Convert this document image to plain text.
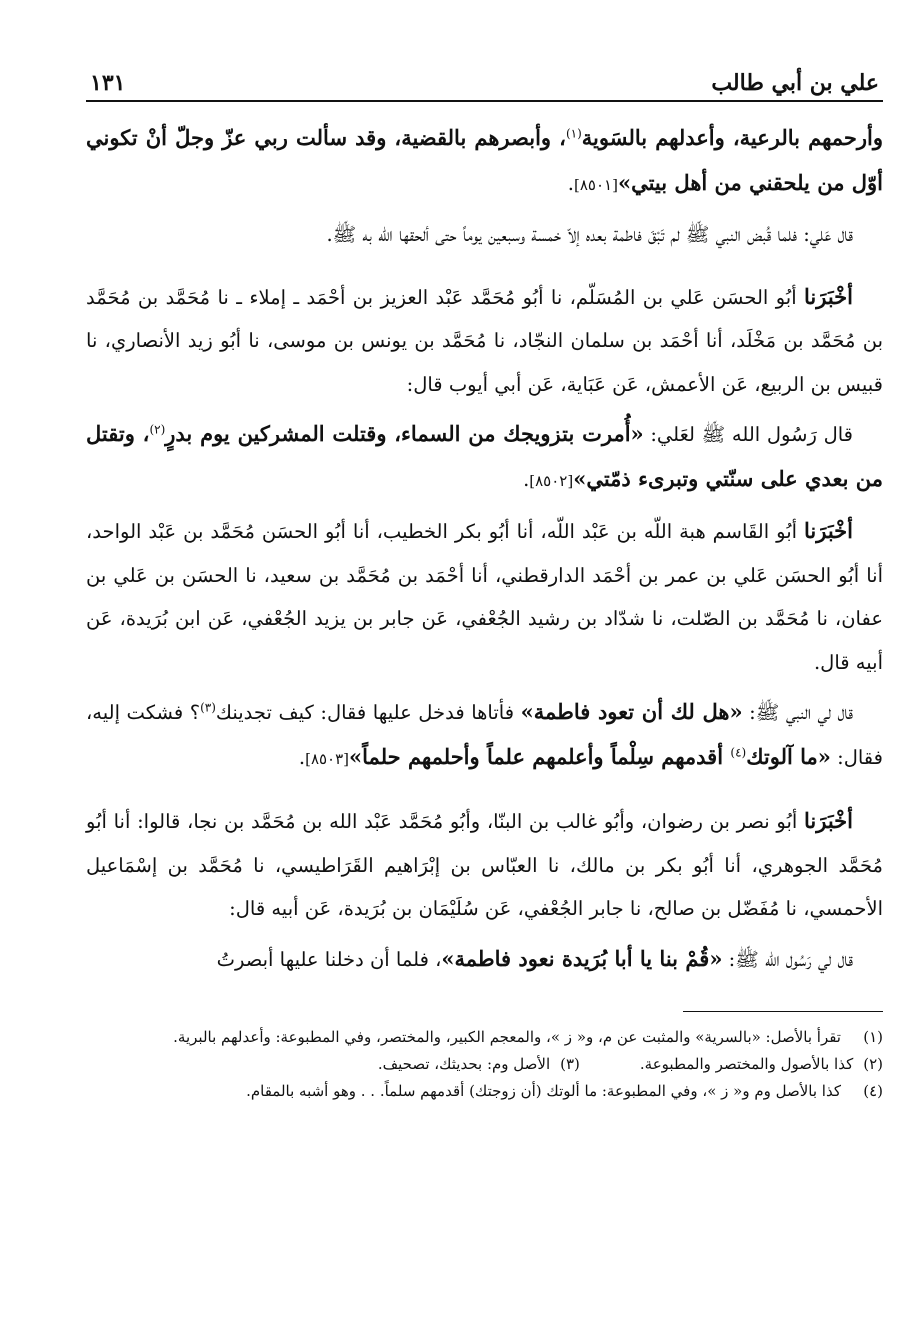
علي بن أبي طالب
١٣١

وأرحمهم بالرعية، وأعدلهم بالسَوية$^{(١)}$، وأبصرهم بالقضية، وقد سألت ربي عزّ وجلّ أنْ تكوني أوّل من يلحقني من أهل بيتي»[٨٥٠١].

قال عَلي: فلما قُبض النبي ﷺ لم تَبْقَ فاطمة بعده إلاّ خمسة وسبعين يوماً حتى ألحقها الله به ﷺ.

أخْبَرَنا أبُو الحسَن عَلي بن المُسَلّم، نا أبُو مُحَمَّد عَبْد العزيز بن أحْمَد ـ إملاء ـ نا مُحَمَّد بن مُحَمَّد بن مُحَمَّد بن مَخْلَد، أنا أحْمَد بن سلمان النجّاد، نا مُحَمَّد بن يونس بن موسى، نا أبُو زيد الأنصاري، نا قبيس بن الربيع، عَن الأعمش، عَن عَبَاية، عَن أبي أيوب قال:

قال رَسُول الله ﷺ لعَلي: «أُمرت بتزويجك من السماء، وقتلت المشركين يوم بدرٍ$^{(٢)}$، وتقتل من بعدي على سنّتي وتبرىء ذمّتي»[٨٥٠٢].

أخْبَرَنا أبُو القَاسم هبة اللّه بن عَبْد اللّه، أنا أبُو بكر الخطيب، أنا أبُو الحسَن مُحَمَّد بن عَبْد الواحد، أنا أبُو الحسَن عَلي بن عمر بن أحْمَد الدارقطني، أنا أحْمَد بن مُحَمَّد بن سعيد، نا الحسَن بن عَلي بن عفان، نا مُحَمَّد بن الصّلت، نا شدّاد بن رشيد الجُعْفي، عَن جابر بن يزيد الجُعْفي، عَن ابن بُرَيدة، عَن أبيه قال.

قال لي النبي ﷺ: «هل لك أن تعود فاطمة» فأتاها فدخل عليها فقال: كيف تجدينك$^{(٣)}$؟ فشكت إليه، فقال: «ما آلوتك$^{(٤)}$ أقدمهم سِلْماً وأعلمهم علماً وأحلمهم حلماً»[٨٥٠٣].

أخْبَرَنا أبُو نصر بن رضوان، وأبُو غالب بن البنّا، وأبُو مُحَمَّد عَبْد الله بن مُحَمَّد بن نجا، قالوا: أنا أبُو مُحَمَّد الجوهري، أنا أبُو بكر بن مالك، نا العبّاس بن إبْرَاهيم القَرَاطيسي، نا مُحَمَّد بن إسْمَاعيل الأحمسي، نا مُفَضّل بن صالح، نا جابر الجُعْفي، عَن سُلَيْمَان بن بُرَيدة، عَن أبيه قال:

قال لي رَسُول الله ﷺ: «قُمْ بنا يا أبا بُرَيدة نعود فاطمة»، فلما أن دخلنا عليها أبصرتُ

(١)
تقرأ بالأصل: «بالسرية» والمثبت عن م، و« ز »، والمعجم الكبير، والمختصر، وفي المطبوعة: وأعدلهم بالبرية.
(٢)
كذا بالأصول والمختصر والمطبوعة.
(٣)
الأصل وم: بحديثك، تصحيف.
(٤)
كذا بالأصل وم و« ز »، وفي المطبوعة: ما ألوتك (أن زوجتك) أقدمهم سلماً. . . وهو أشبه بالمقام.
